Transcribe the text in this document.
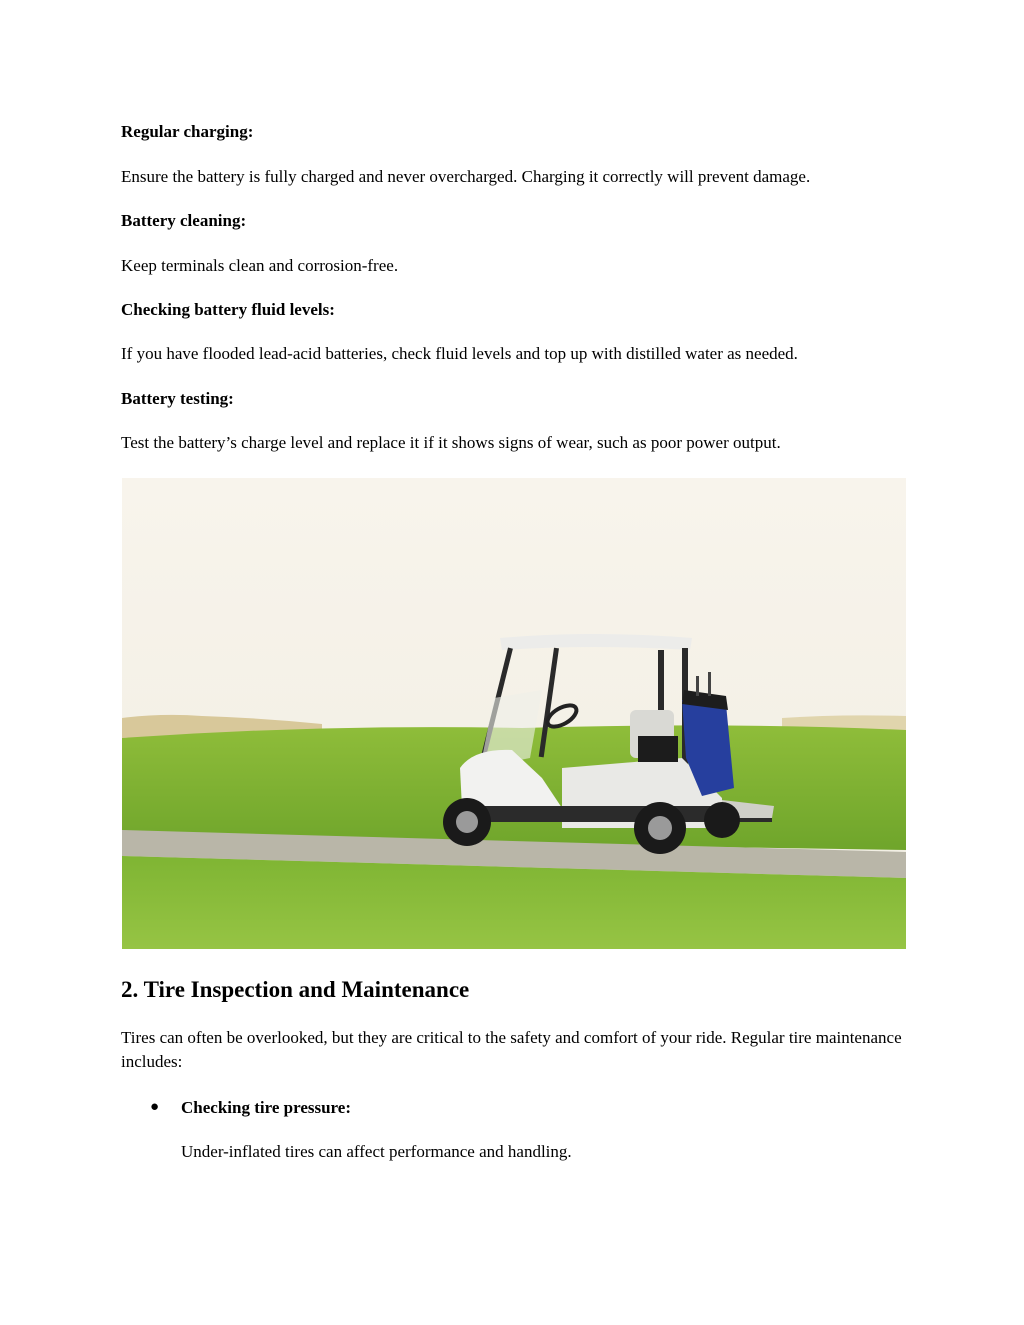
Regular charging:
Ensure the battery is fully charged and never overcharged. Charging it correctly will prevent damage.
Battery cleaning:
Keep terminals clean and corrosion-free.
Checking battery fluid levels:
If you have flooded lead-acid batteries, check fluid levels and top up with distilled water as needed.
Battery testing:
Test the battery’s charge level and replace it if it shows signs of wear, such as poor power output.
2. Tire Inspection and Maintenance
Tires can often be overlooked, but they are critical to the safety and comfort of your ride. Regular tire maintenance includes:
● Checking tire pressure:
Under-inflated tires can affect performance and handling.
